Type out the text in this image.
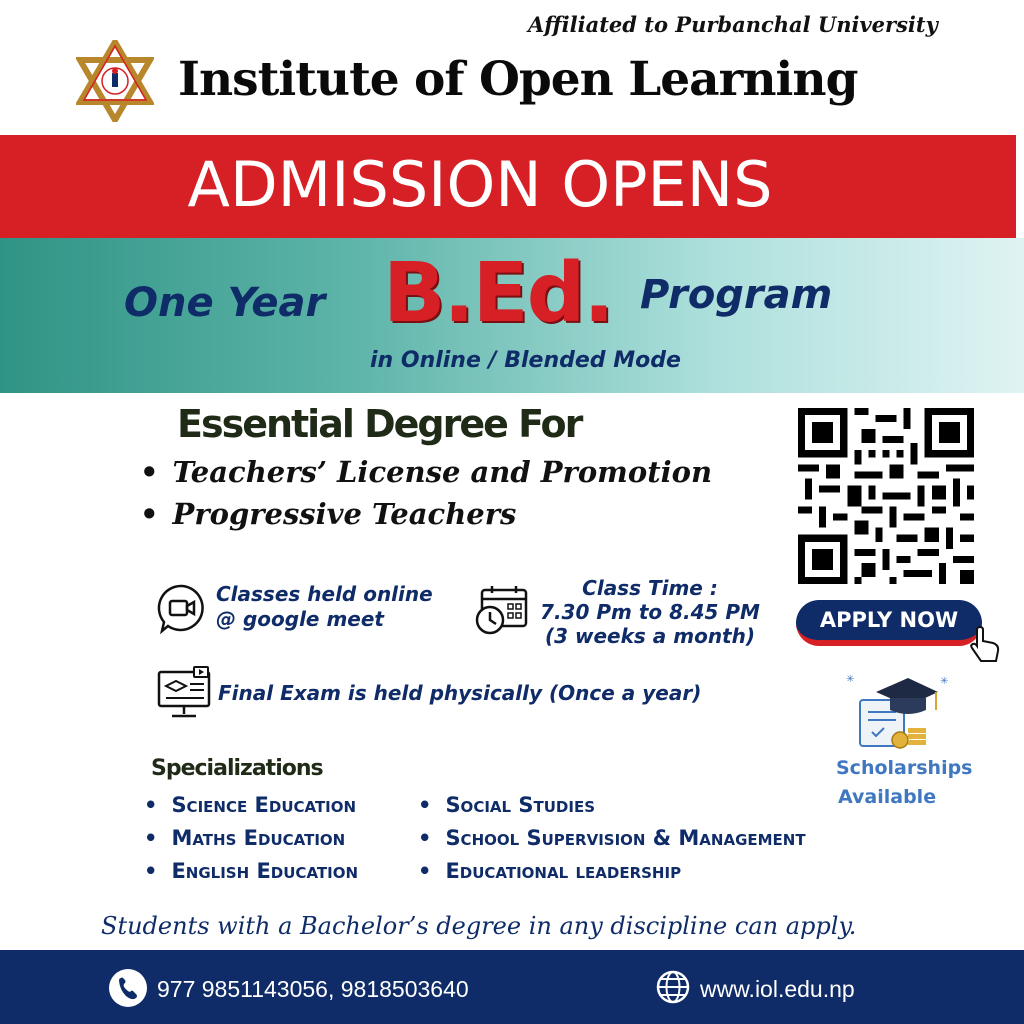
Affiliated to Purbanchal University
Institute of Open Learning
ADMISSION OPENS
One Year B.Ed. Program
in Online / Blended Mode
Essential Degree For
• Teachers’ License and Promotion
• Progressive Teachers
Classes held online
@ google meet
Class Time :
7.30 Pm to 8.45 PM
(3 weeks a month)
APPLY NOW
Final Exam is held physically (Once a year)
✳	✳
Scholarships
Available
Specializations
• Science Education
• Maths Education
• English Education
• Social Studies
• School Supervision & Management
• Educational leadership
Students with a Bachelor’s degree in any discipline can apply.
977 9851143056, 9818503640	www.iol.edu.np
